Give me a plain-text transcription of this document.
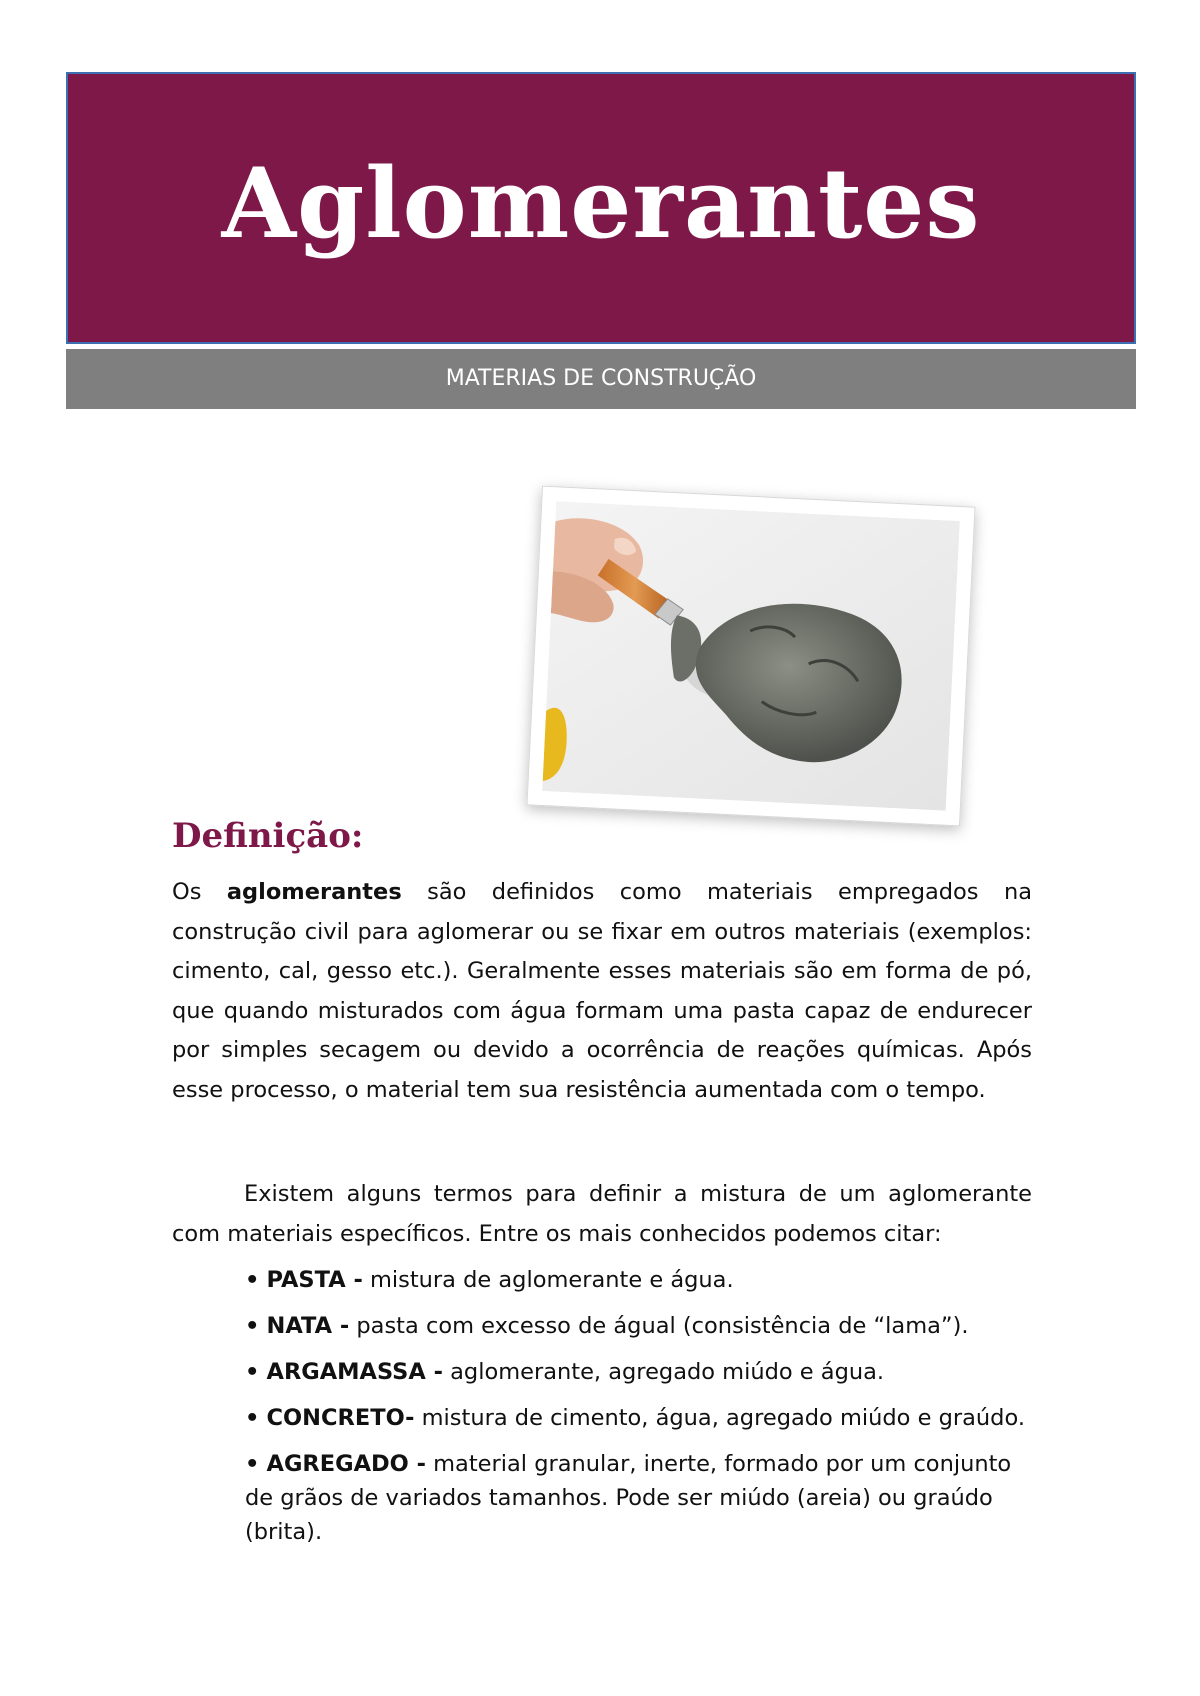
Aglomerantes
MATERIAS DE CONSTRUÇÃO
Definição:

Os aglomerantes são definidos como materiais empregados na construção civil para aglomerar ou se fixar em outros materiais (exemplos: cimento, cal, gesso etc.). Geralmente esses materiais são em forma de pó, que quando misturados com água formam uma pasta capaz de endurecer por simples secagem ou devido a ocorrência de reações químicas. Após esse processo, o material tem sua resistência aumentada com o tempo.

Existem alguns termos para definir a mistura de um aglomerante com materiais específicos. Entre os mais conhecidos podemos citar:

• PASTA - mistura de aglomerante e água.
• NATA - pasta com excesso de águal (consistência de “lama”).
• ARGAMASSA - aglomerante, agregado miúdo e água.
• CONCRETO- mistura de cimento, água, agregado miúdo e graúdo.
• AGREGADO - material granular, inerte, formado por um conjunto de grãos de variados tamanhos. Pode ser miúdo (areia) ou graúdo (brita).
